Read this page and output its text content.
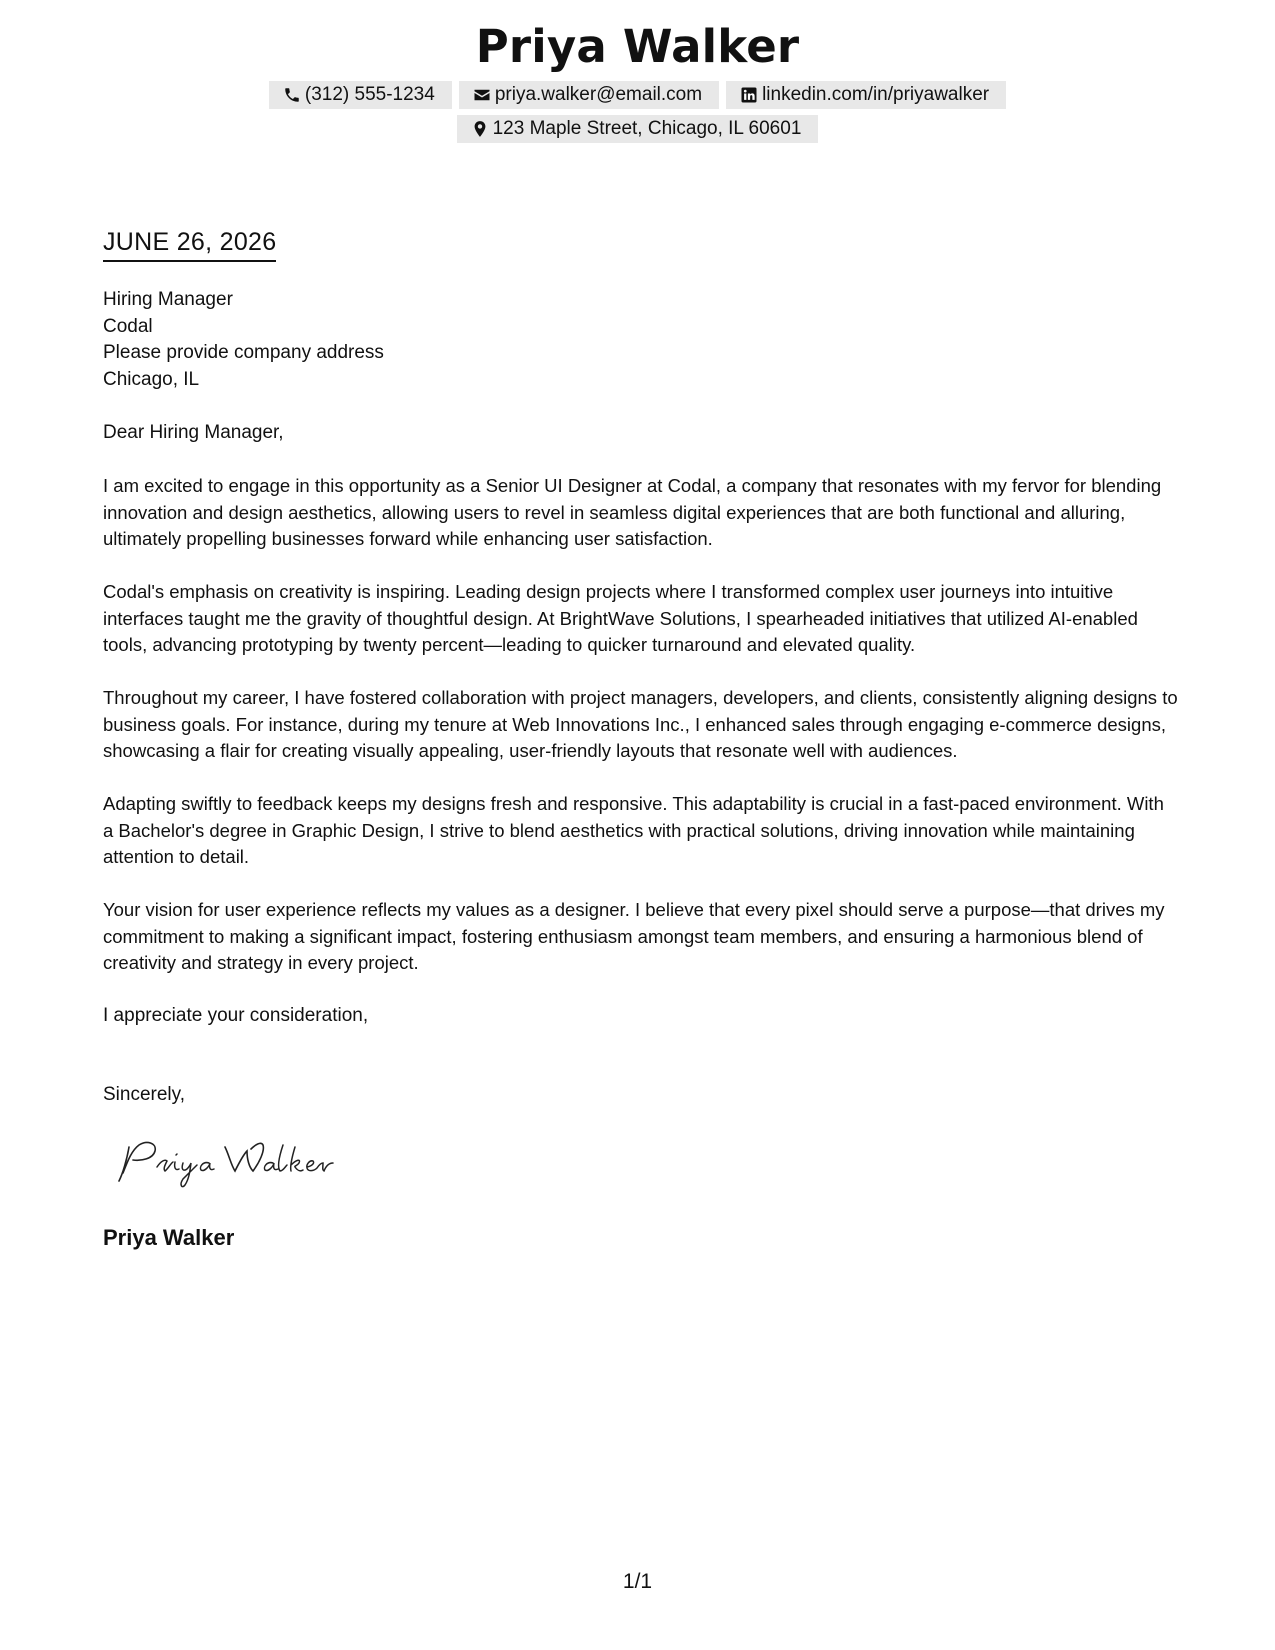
Priya Walker
(312) 555-1234	priya.walker@email.com	linkedin.com/in/priyawalker
123 Maple Street, Chicago, IL 60601
JUNE 26, 2026
Hiring Manager
Codal
Please provide company address
Chicago, IL
Dear Hiring Manager,

I am excited to engage in this opportunity as a Senior UI Designer at Codal, a company that resonates with my fervor for blending innovation and design aesthetics, allowing users to revel in seamless digital experiences that are both functional and alluring, ultimately propelling businesses forward while enhancing user satisfaction.

Codal's emphasis on creativity is inspiring. Leading design projects where I transformed complex user journeys into intuitive interfaces taught me the gravity of thoughtful design. At BrightWave Solutions, I spearheaded initiatives that utilized AI-enabled tools, advancing prototyping by twenty percent—leading to quicker turnaround and elevated quality.

Throughout my career, I have fostered collaboration with project managers, developers, and clients, consistently aligning designs to business goals. For instance, during my tenure at Web Innovations Inc., I enhanced sales through engaging e-commerce designs, showcasing a flair for creating visually appealing, user-friendly layouts that resonate well with audiences.

Adapting swiftly to feedback keeps my designs fresh and responsive. This adaptability is crucial in a fast-paced environment. With a Bachelor's degree in Graphic Design, I strive to blend aesthetics with practical solutions, driving innovation while maintaining attention to detail.

Your vision for user experience reflects my values as a designer. I believe that every pixel should serve a purpose—that drives my commitment to making a significant impact, fostering enthusiasm amongst team members, and ensuring a harmonious blend of creativity and strategy in every project.

I appreciate your consideration,
Sincerely,
Priya Walker
1/1
